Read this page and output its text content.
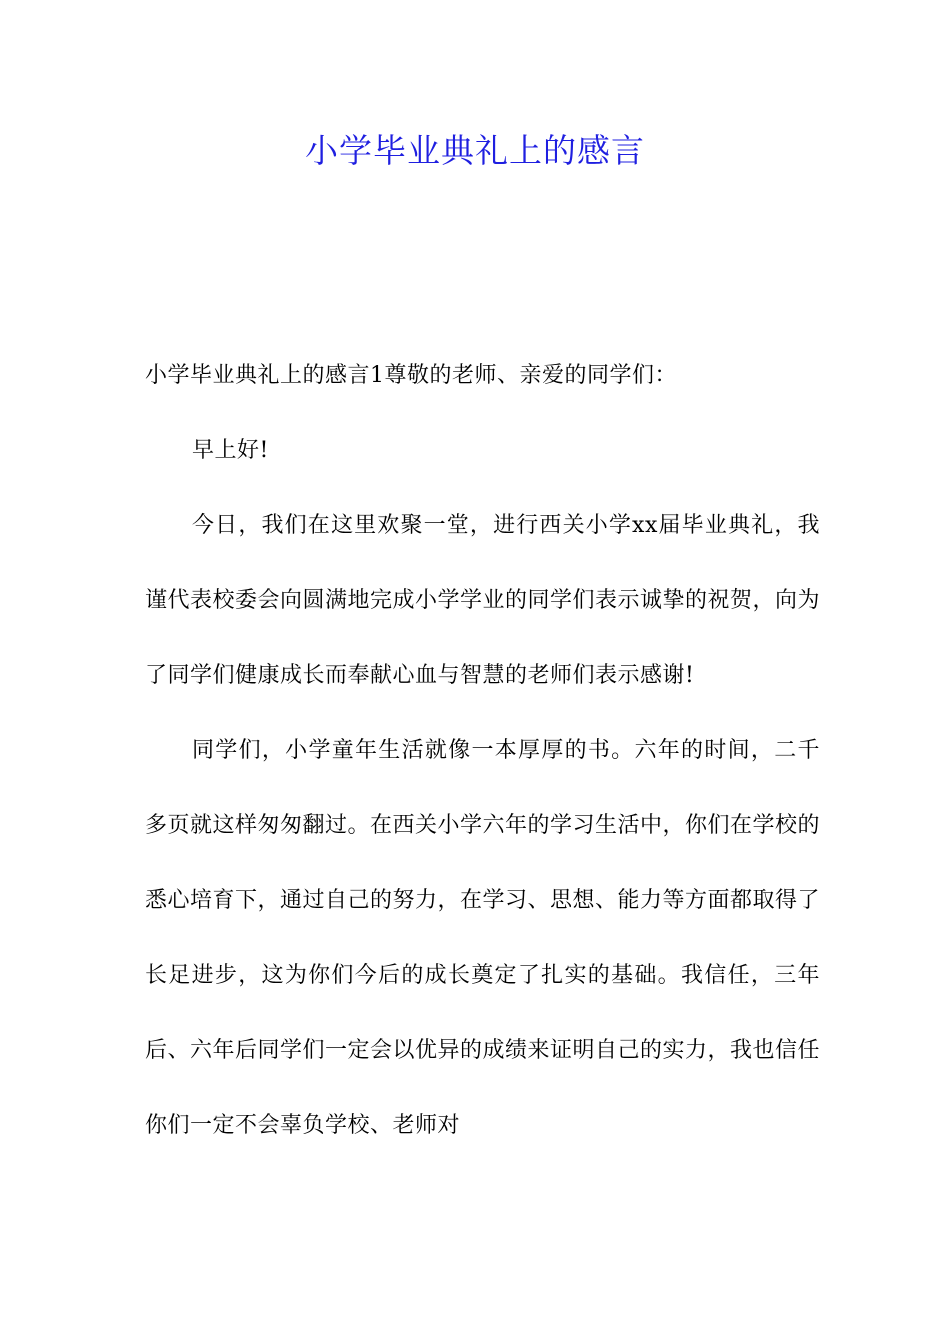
小学毕业典礼上的感言

小学毕业典礼上的感言1尊敬的老师、亲爱的同学们：

早上好!

今日，我们在这里欢聚一堂，进行西关小学xx届毕业典礼，我谨代表校委会向圆满地完成小学学业的同学们表示诚挚的祝贺，向为了同学们健康成长而奉献心血与智慧的老师们表示感谢!

同学们，小学童年生活就像一本厚厚的书。六年的时间，二千多页就这样匆匆翻过。在西关小学六年的学习生活中，你们在学校的悉心培育下，通过自己的努力，在学习、思想、能力等方面都取得了长足进步，这为你们今后的成长奠定了扎实的基础。我信任，三年后、六年后同学们一定会以优异的成绩来证明自己的实力，我也信任你们一定不会辜负学校、老师对
